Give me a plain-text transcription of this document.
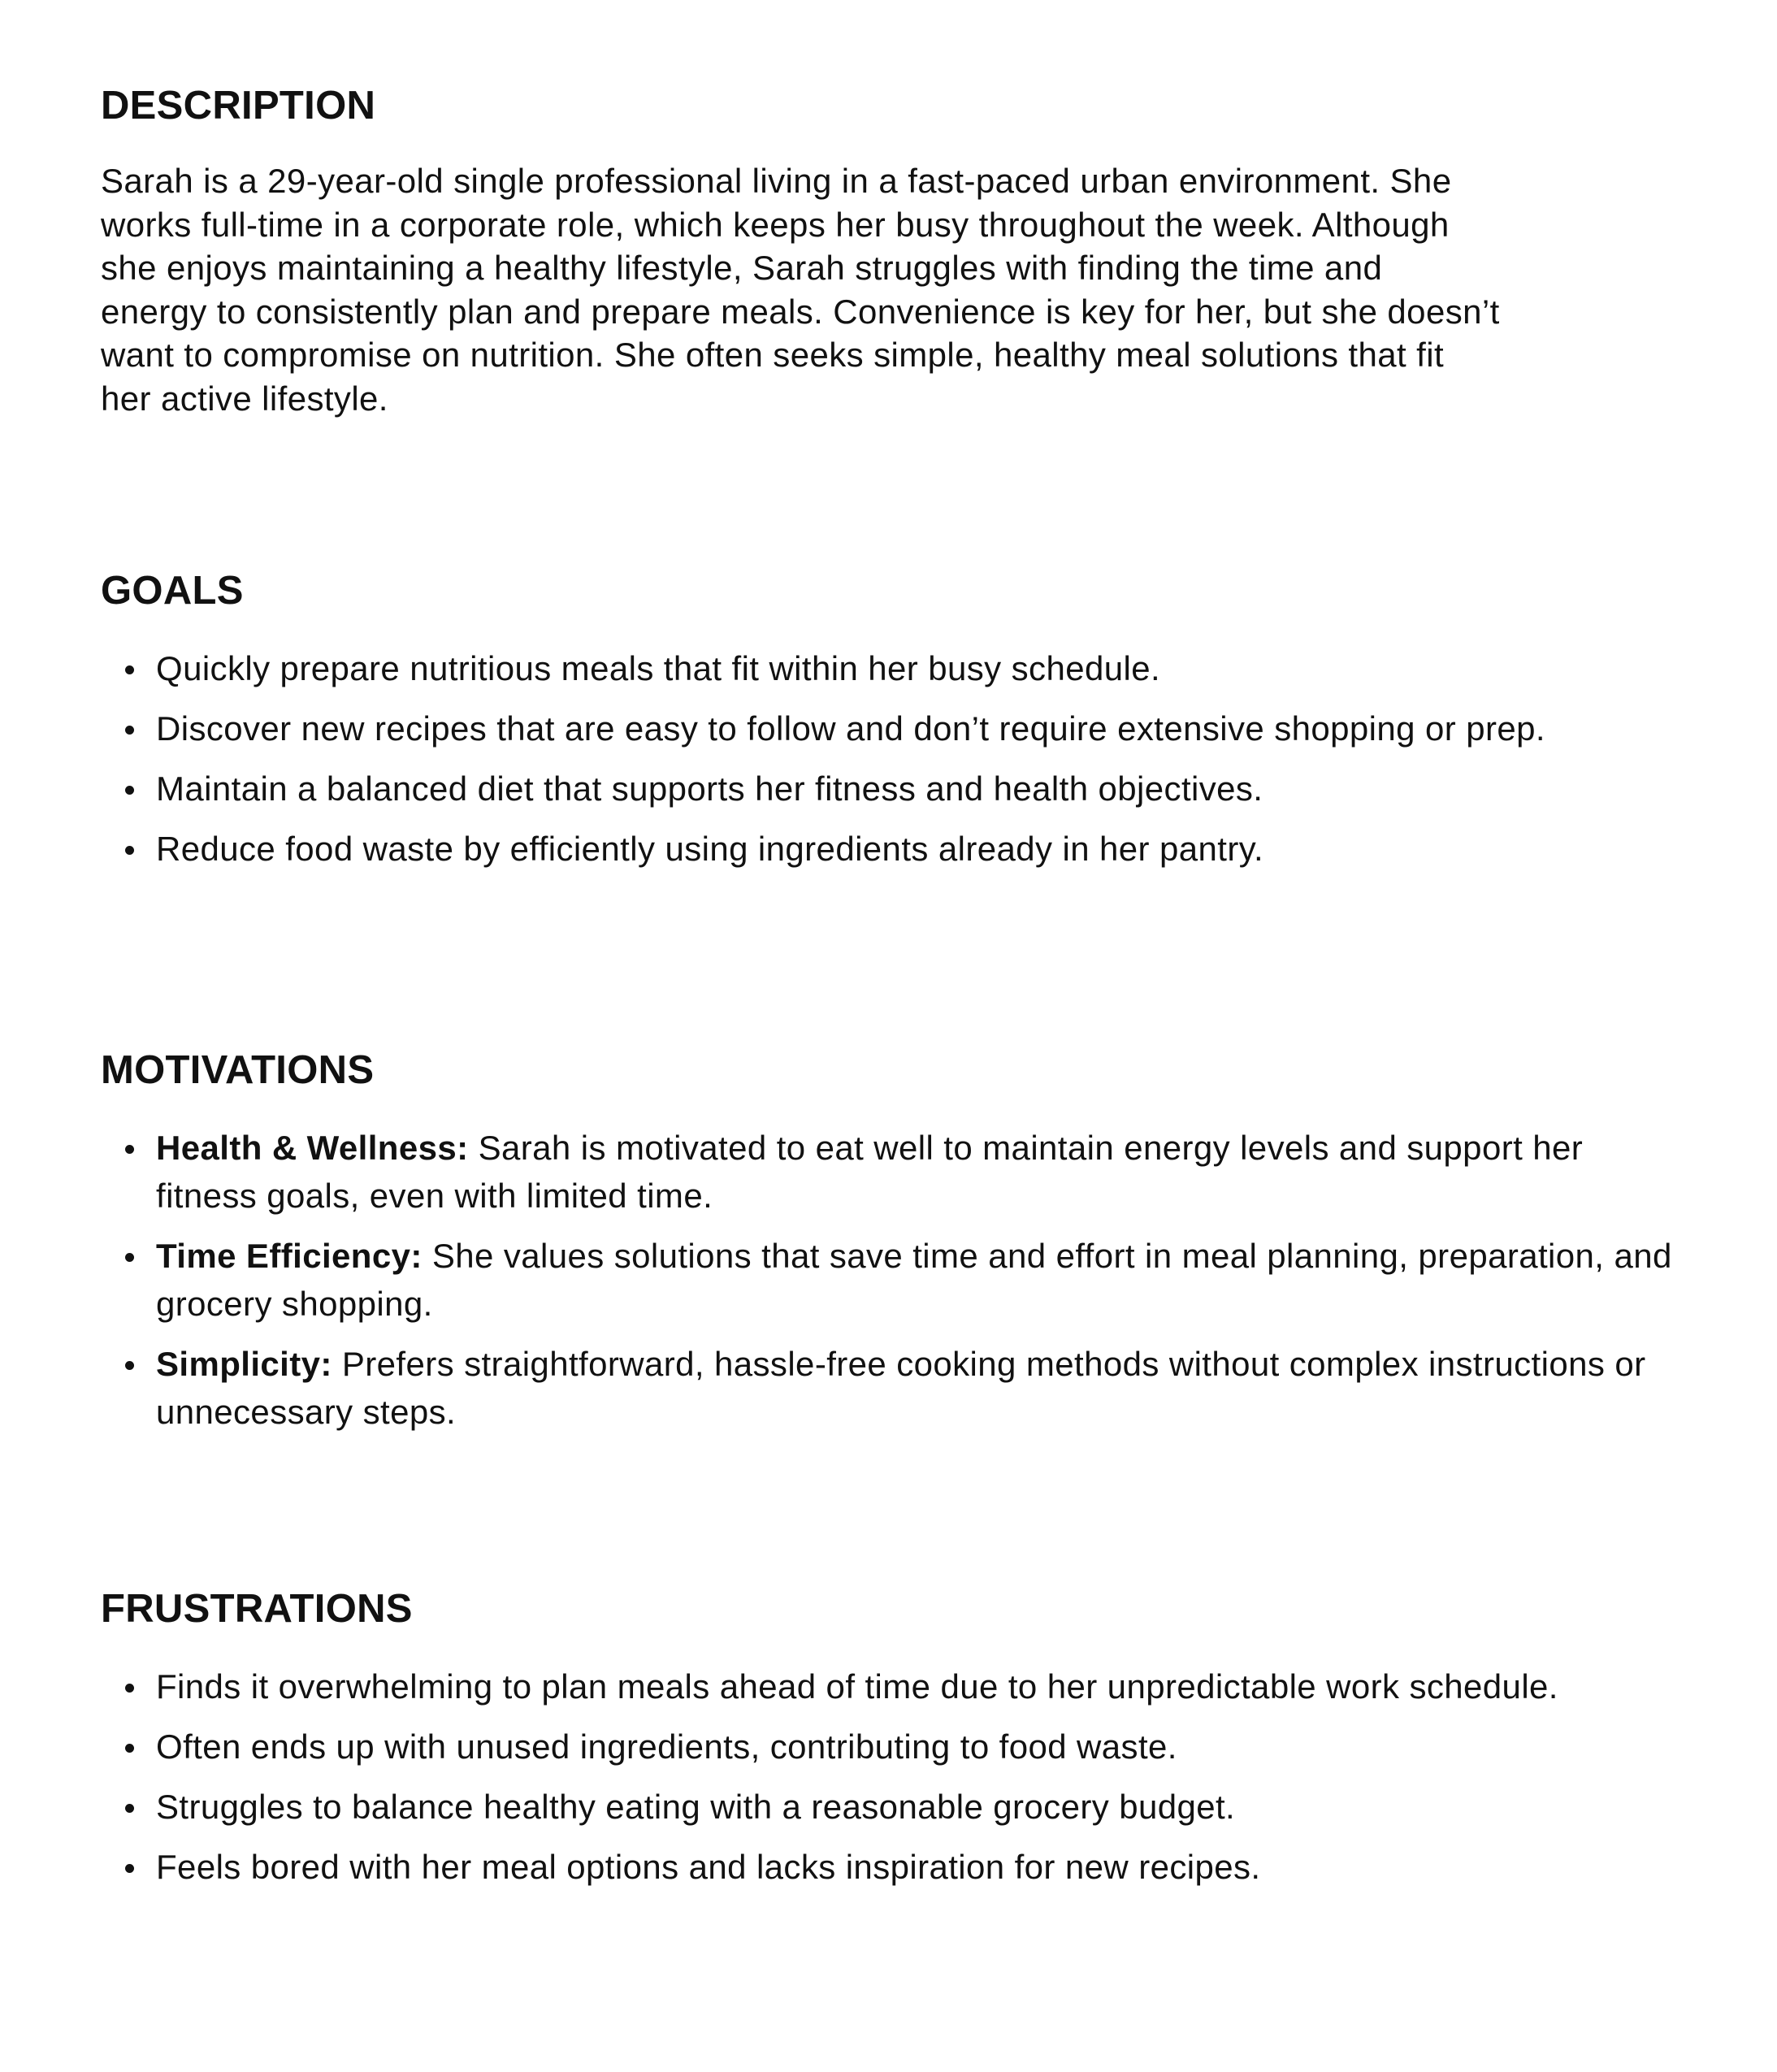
DESCRIPTION
Sarah is a 29-year-old single professional living in a fast-paced urban environment. She
works full-time in a corporate role, which keeps her busy throughout the week. Although
she enjoys maintaining a healthy lifestyle, Sarah struggles with finding the time and
energy to consistently plan and prepare meals. Convenience is key for her, but she doesn’t
want to compromise on nutrition. She often seeks simple, healthy meal solutions that fit
her active lifestyle.
GOALS
Quickly prepare nutritious meals that fit within her busy schedule.
Discover new recipes that are easy to follow and don’t require extensive shopping or prep.
Maintain a balanced diet that supports her fitness and health objectives.
Reduce food waste by efficiently using ingredients already in her pantry.
MOTIVATIONS
Health & Wellness: Sarah is motivated to eat well to maintain energy levels and support her fitness goals, even with limited time.
Time Efficiency: She values solutions that save time and effort in meal planning, preparation, and grocery shopping.
Simplicity: Prefers straightforward, hassle-free cooking methods without complex instructions or unnecessary steps.
FRUSTRATIONS
Finds it overwhelming to plan meals ahead of time due to her unpredictable work schedule.
Often ends up with unused ingredients, contributing to food waste.
Struggles to balance healthy eating with a reasonable grocery budget.
Feels bored with her meal options and lacks inspiration for new recipes.
